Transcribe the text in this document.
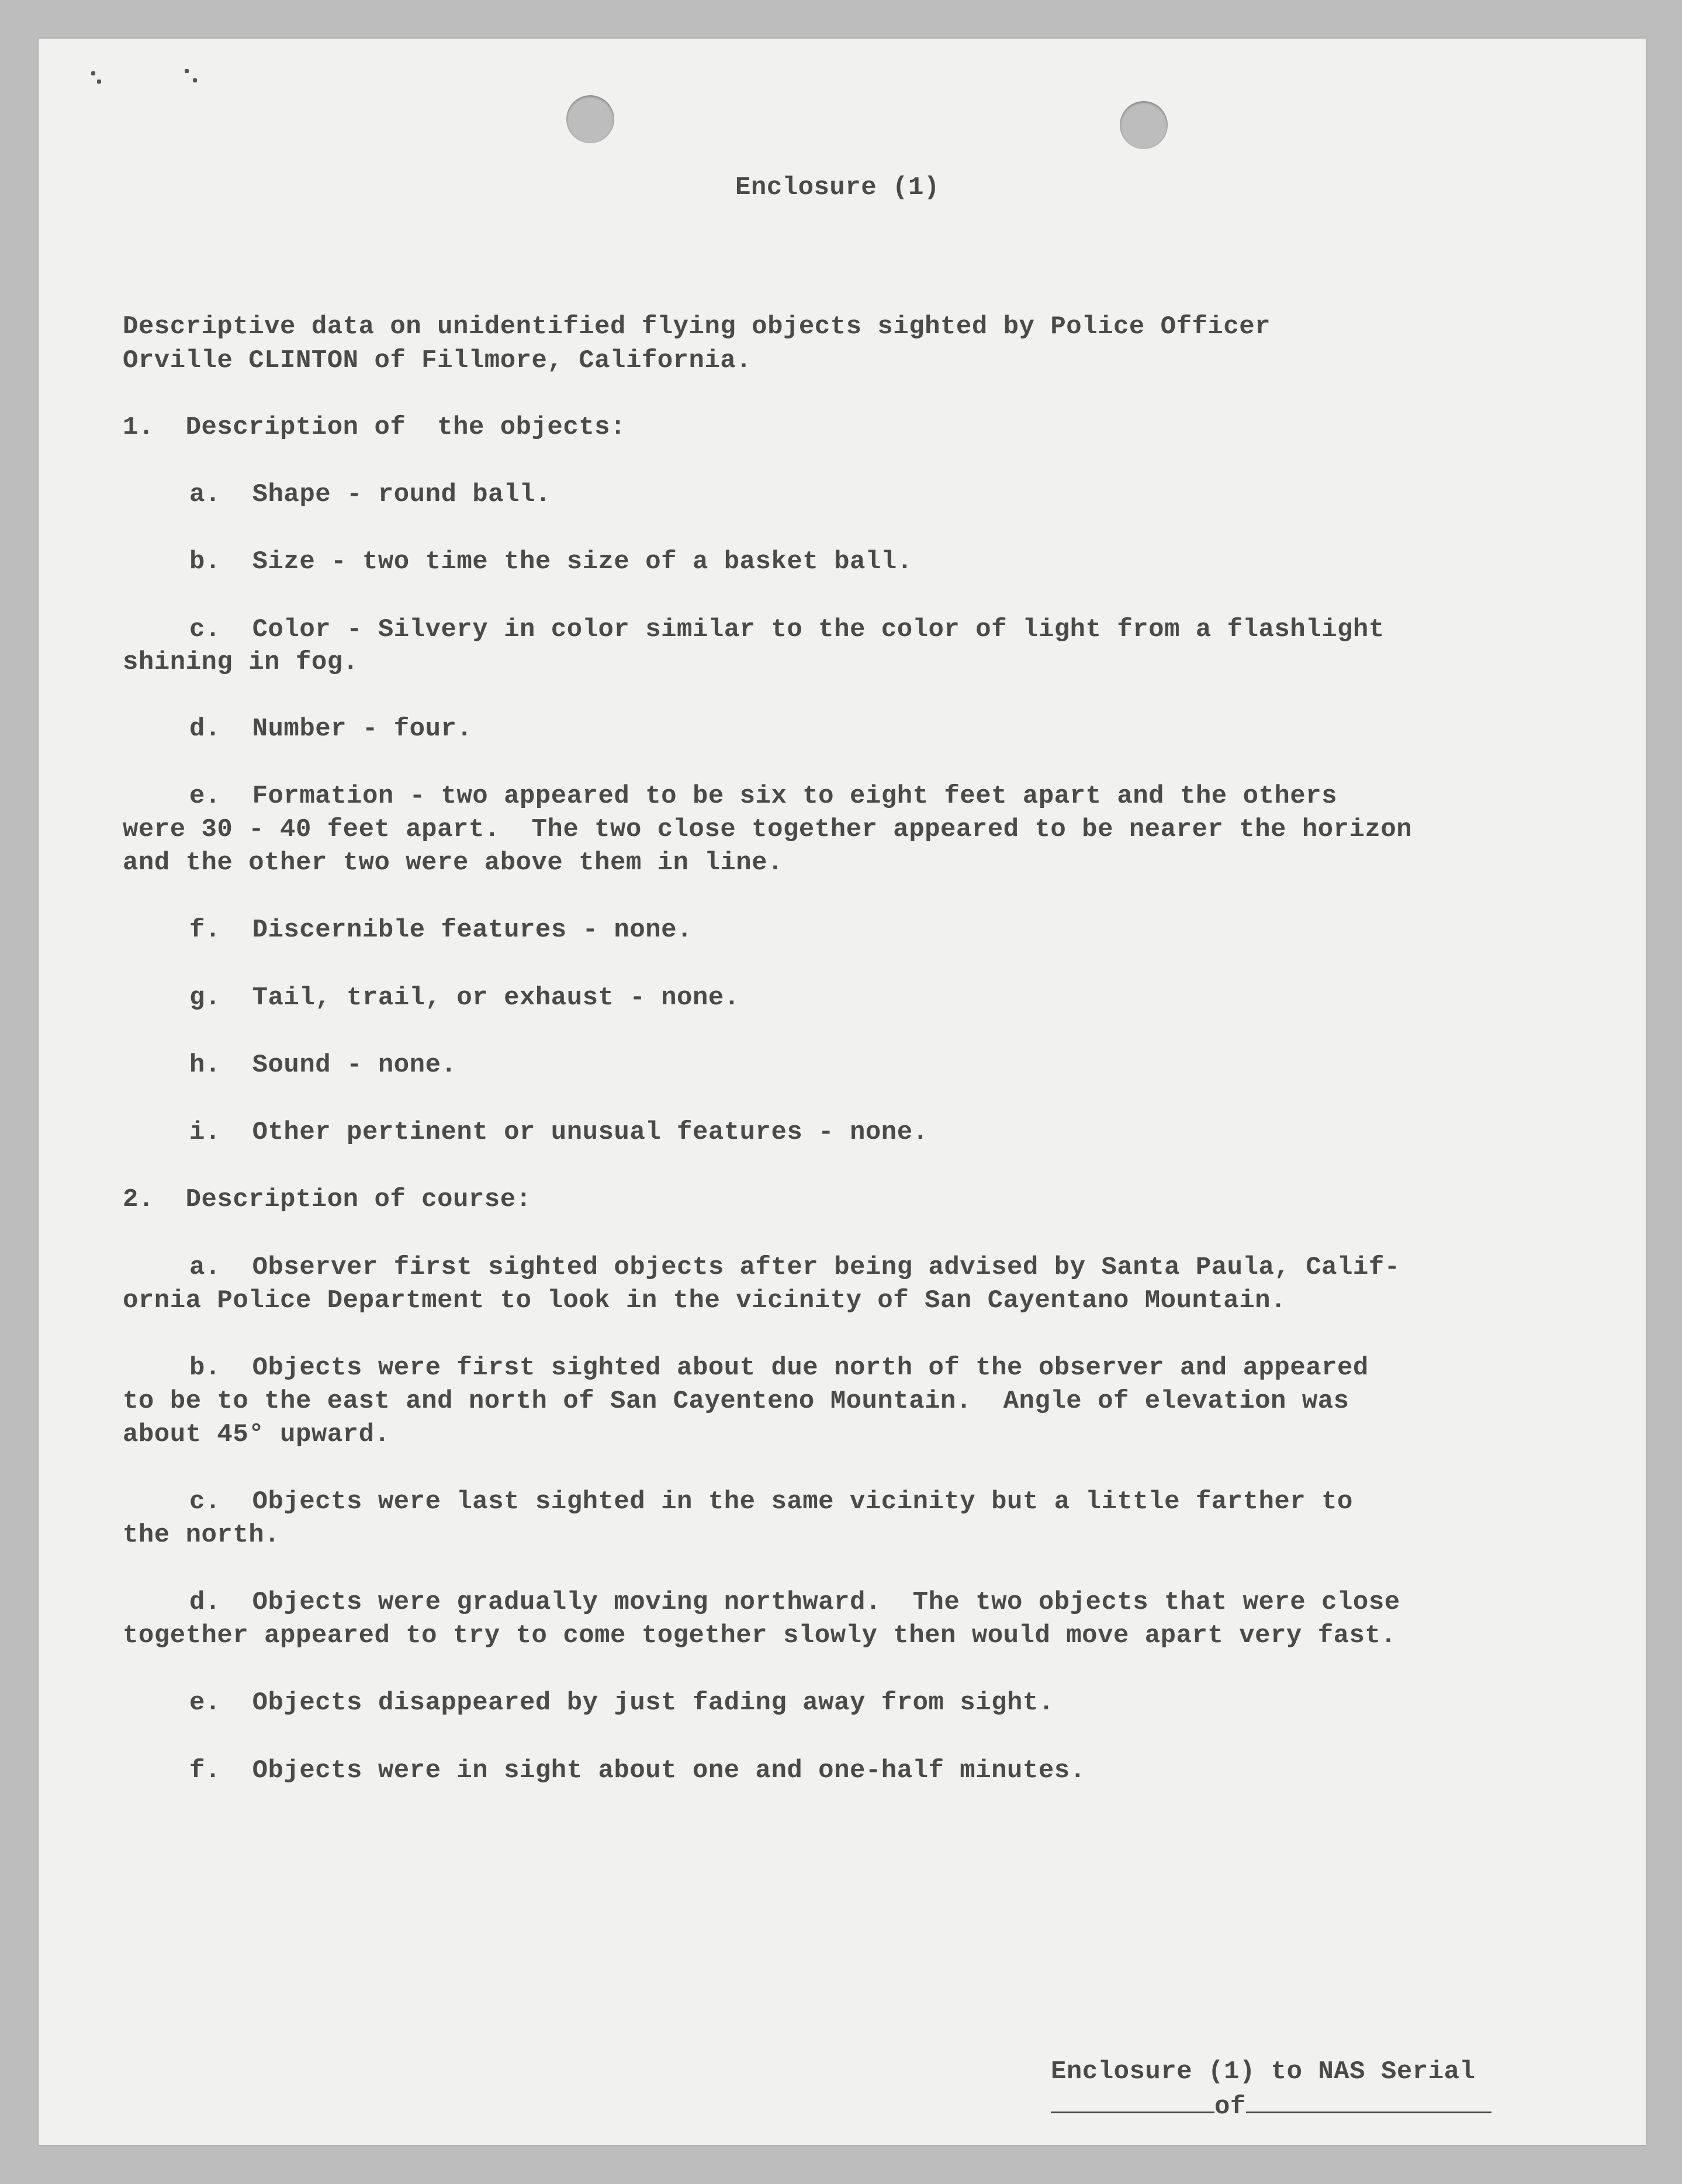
Enclosure (1)
Descriptive data on unidentified flying objects sighted by Police Officer
Orville CLINTON of Fillmore, California.
1.  Description of  the objects:
a.  Shape - round ball.
b.  Size - two time the size of a basket ball.
c.  Color - Silvery in color similar to the color of light from a flashlight
shining in fog.
d.  Number - four.
e.  Formation - two appeared to be six to eight feet apart and the others
were 30 - 40 feet apart.  The two close together appeared to be nearer the horizon
and the other two were above them in line.
f.  Discernible features - none.
g.  Tail, trail, or exhaust - none.
h.  Sound - none.
i.  Other pertinent or unusual features - none.
2.  Description of course:
a.  Observer first sighted objects after being advised by Santa Paula, Calif-
ornia Police Department to look in the vicinity of San Cayentano Mountain.
b.  Objects were first sighted about due north of the observer and appeared
to be to the east and north of San Cayenteno Mountain.  Angle of elevation was
about 45° upward.
c.  Objects were last sighted in the same vicinity but a little farther to
the north.
d.  Objects were gradually moving northward.  The two objects that were close
together appeared to try to come together slowly then would move apart very fast.
e.  Objects disappeared by just fading away from sight.
f.  Objects were in sight about one and one-half minutes.
Enclosure (1) to NAS Serial
of
